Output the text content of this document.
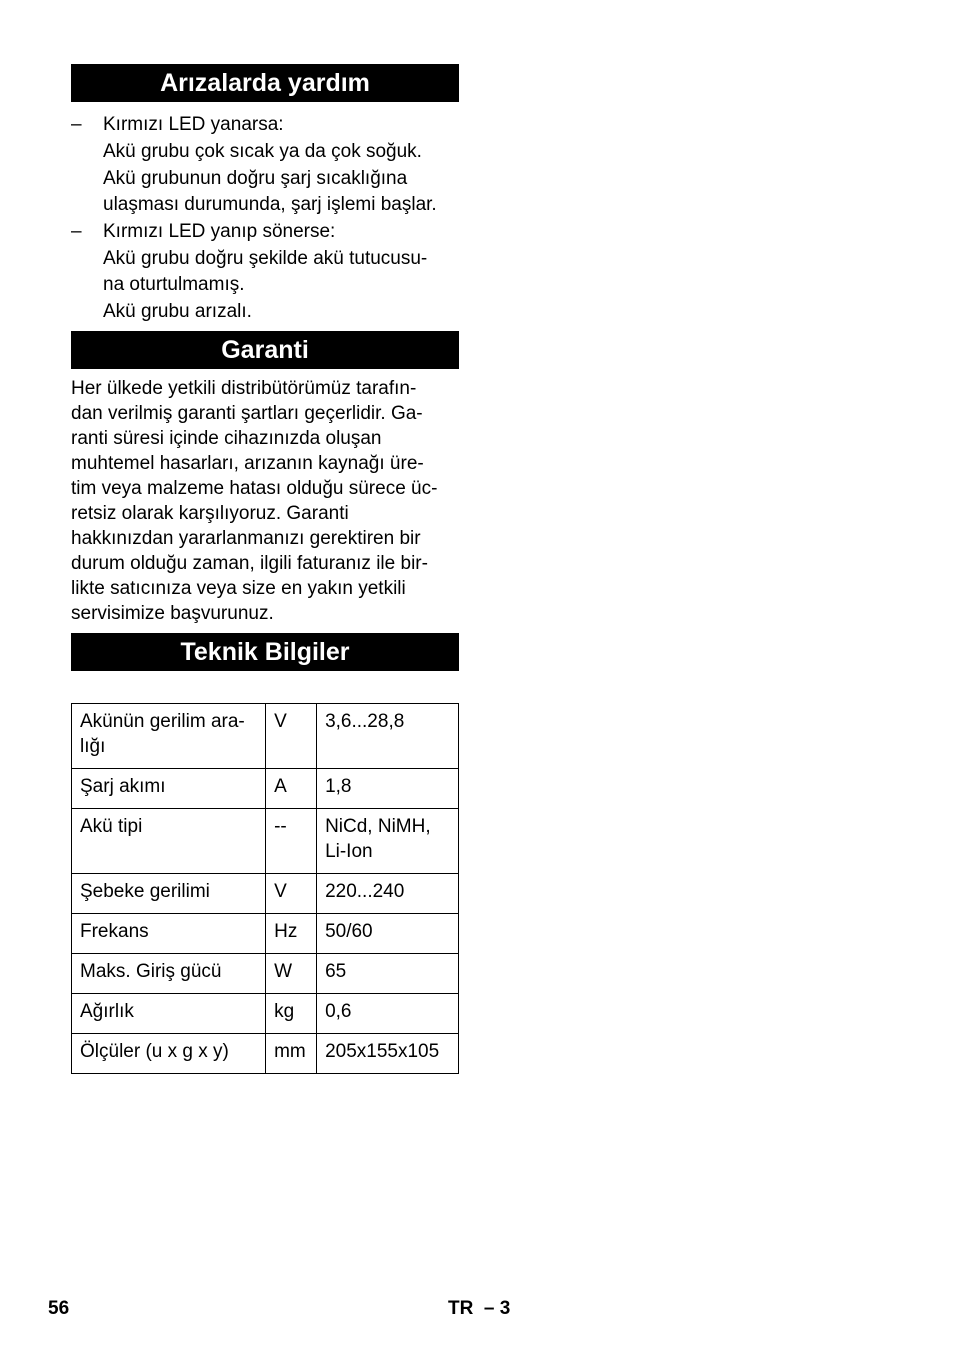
Arızalarda yardım
– Kırmızı LED yanarsa:
Akü grubu çok sıcak ya da çok soğuk.
Akü grubunun doğru şarj sıcaklığına
ulaşması durumunda, şarj işlemi başlar.
– Kırmızı LED yanıp sönerse:
Akü grubu doğru şekilde akü tutucusu-
na oturtulmamış.
Akü grubu arızalı.
Garanti
Her ülkede yetkili distribütörümüz tarafın-
dan verilmiş garanti şartları geçerlidir. Ga-
ranti süresi içinde cihazınızda oluşan
muhtemel hasarları, arızanın kaynağı üre-
tim veya malzeme hatası olduğu sürece üc-
retsiz olarak karşılıyoruz. Garanti
hakkınızdan yararlanmanızı gerektiren bir
durum olduğu zaman, ilgili faturanız ile bir-
likte satıcınıza veya size en yakın yetkili
servisimize başvurunuz.
Teknik Bilgiler
Akünün gerilim ara-
lığı	V	3,6...28,8

Şarj akımı	A	1,8

Akü tipi	--	NiCd, NiMH,
Li-Ion

Şebeke gerilimi	V	220...240

Frekans	Hz	50/60

Maks. Giriş gücü	W	65

Ağırlık	kg	0,6

Ölçüler (u x g x y)	mm	205x155x105
56	TR  – 3
